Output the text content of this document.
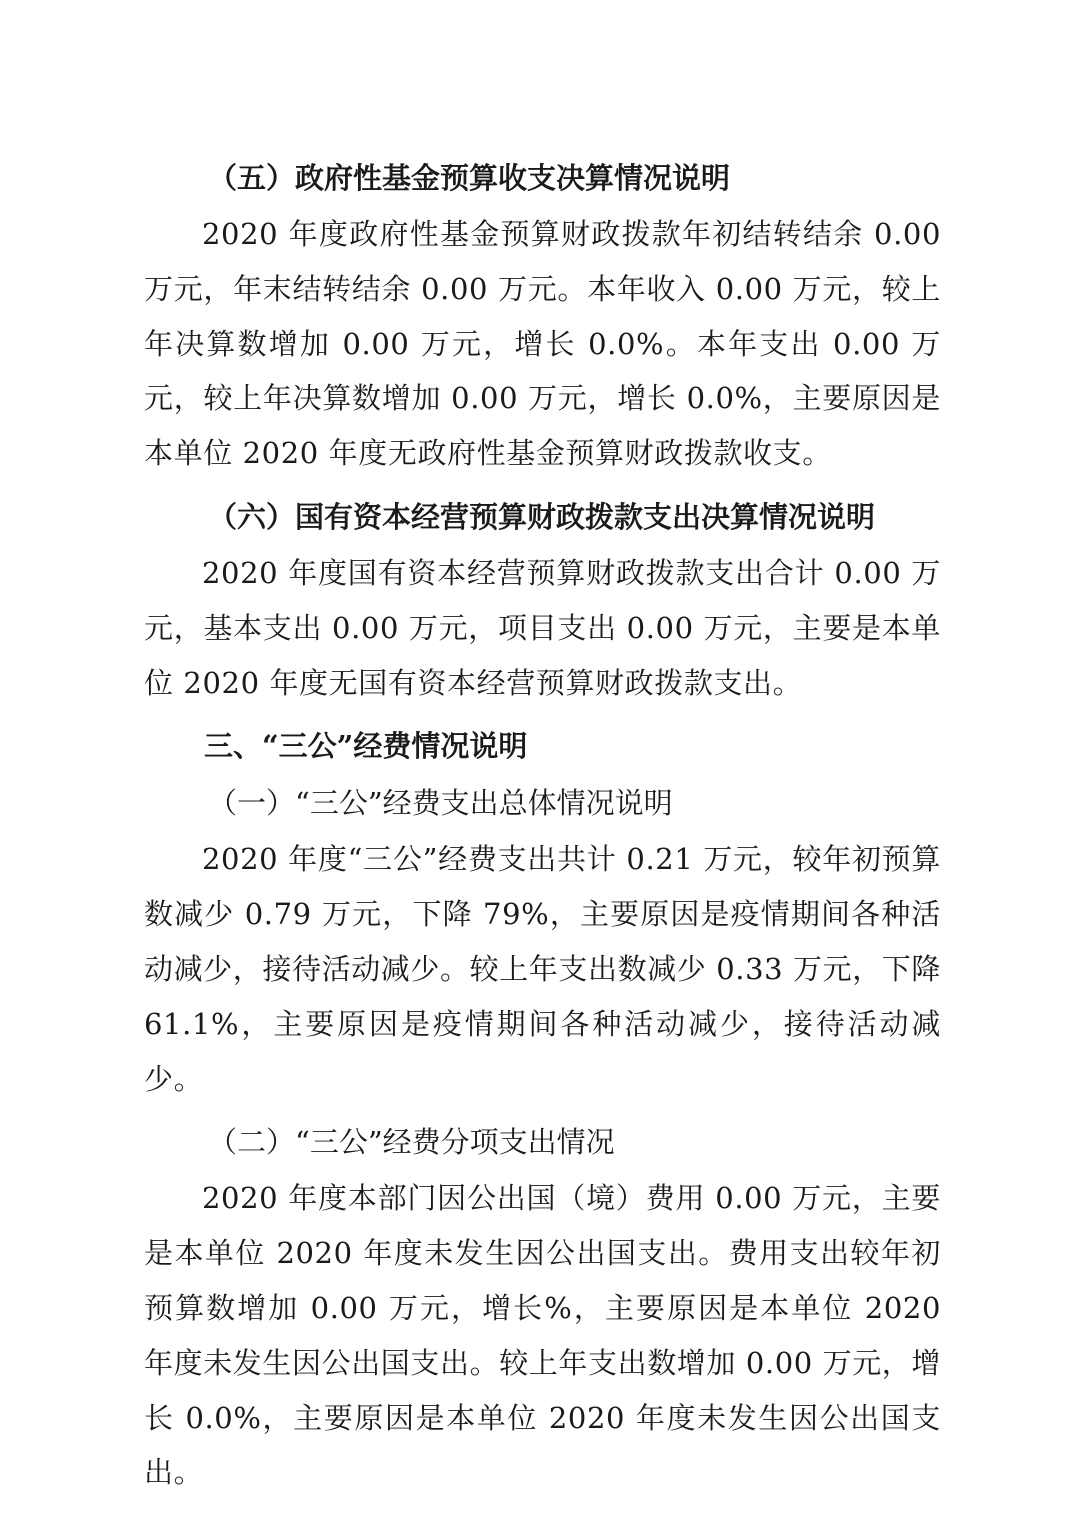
（五）政府性基金预算收支决算情况说明

2020 年度政府性基金预算财政拨款年初结转结余 0.00 万元，年末结转结余 0.00 万元。本年收入 0.00 万元，较上年决算数增加 0.00 万元，增长 0.0%。本年支出 0.00 万元，较上年决算数增加 0.00 万元，增长 0.0%，主要原因是本单位 2020 年度无政府性基金预算财政拨款收支。

（六）国有资本经营预算财政拨款支出决算情况说明

2020 年度国有资本经营预算财政拨款支出合计 0.00 万元，基本支出 0.00 万元，项目支出 0.00 万元，主要是本单位 2020 年度无国有资本经营预算财政拨款支出。

三、“三公”经费情况说明

（一）“三公”经费支出总体情况说明

2020 年度“三公”经费支出共计 0.21 万元，较年初预算数减少 0.79 万元，下降 79%，主要原因是疫情期间各种活动减少，接待活动减少。较上年支出数减少 0.33 万元，下降 61.1%，主要原因是疫情期间各种活动减少，接待活动减少。

（二）“三公”经费分项支出情况

2020 年度本部门因公出国（境）费用 0.00 万元，主要是本单位 2020 年度未发生因公出国支出。费用支出较年初预算数增加 0.00 万元，增长%，主要原因是本单位 2020 年度未发生因公出国支出。较上年支出数增加 0.00 万元，增长 0.0%，主要原因是本单位 2020 年度未发生因公出国支出。
